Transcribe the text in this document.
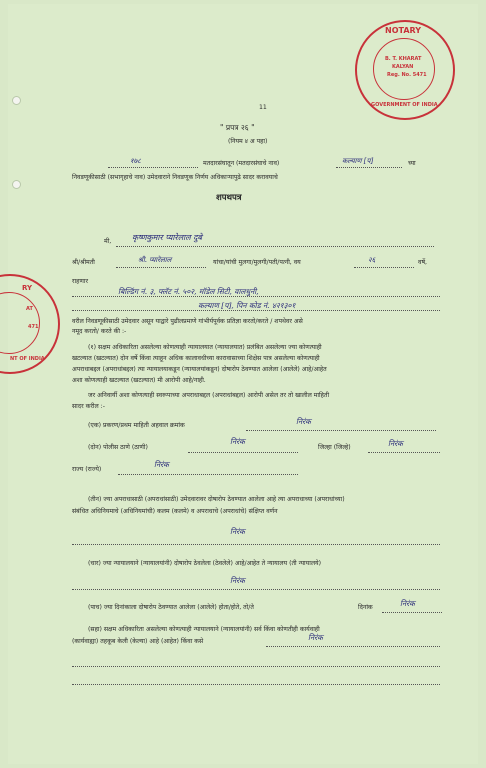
NOTARY
B. T. KHARAT
KALYAN
Reg. No. 5471
GOVERNMENT OF INDIA
RY
AT
471
NT OF INDIA
11
" प्रपत्र २६ "
(नियम ४ अ पहा)
१७८	मतदारसंघातून (मतदारसंघाचे नाव)	कल्याण [प]	च्या
निवडणूकीसाठी (सभागृहाचे नाव) उमेदवाराने निवडणूक निर्णय अधिकाऱ्यापुढे सादर करावयाचे
शपथपत्र
मी,	कृष्णकुमार प्यारेलाल दुबे
श्री/श्रीमती	श्री. प्यारेलाल	यांचा/यांची मुलगा/मुलगी/पती/पत्नी, वय	२६	वर्षे,
राहणार
बिल्डिंग नं. ३, फ्लॅट नं. ५०२, मॉडेल सिटी, वालधुनी,
कल्याण [प], पिन कोड नं. ४२१३०१
वरील निवडणूकीसाठी उमेदवार असून याद्वारे पुढीलप्रमाणे गांभीर्यपूर्वक प्रतिज्ञा करतो/करते / शपथेवर असे
नमूद करतो/ करते की :-
(१) सक्षम अधिकारिता असलेल्या कोणत्याही न्यायालयात (न्यायालयात) प्रलंबित असलेल्या ज्या कोणत्याही
खटल्यात (खटल्यात) दोन वर्षे किंवा त्याहून अधिक कालावधीच्या कारावासाच्या शिक्षेस पात्र असलेल्या कोणत्याही
अपराधाबद्दल (अपराधांबद्दल) त्या न्यायालयाकडून (न्यायालयांकडून) दोषारोप ठेवण्यात आलेला (आलेले) आहे/आहेत
अशा कोणत्याही खटल्यात (खटल्यात) मी आरोपी आहे/नाही.
जर अनिवार्यी अशा कोणत्याही स्वरूपाच्या अपराधाबद्दल (अपराधांबद्दल) आरोपी असेल तर तो खालील माहिती
सादर करील :-
(एक) प्रकरण/प्रथम माहिती अहवाल क्रमांक	निरंक
(दोन) पोलीस ठाणे (ठाणी)
निरंक
जिल्हा (जिल्हे)	निरंक
राज्य (राज्ये)
निरंक
(तीन) ज्या अपराधासाठी (अपराधांसाठी) उमेदवारावर दोषारोप ठेवण्यात आलेला आहे त्या अपराधाच्या (अपराधांच्या)
संबंधित अधिनियमाचे (अधिनियमांची) कलम (कलमे) व अपराधाचे (अपराधांचे) संक्षिप्त वर्णन
निरंक
(चार) ज्या न्यायालयाने (न्यायालयांनी) दोषारोप ठेवलेला (ठेवलेले) आहे/आहेत ते न्यायालय (ती न्यायालये)
निरंक
(पाच) ज्या दिनांकाला दोषारोप ठेवण्यात आलेला (आलेले) होता/होते, तो/ते	दिनांक	निरंक
(सहा) सक्षम अधिकारिता असलेल्या कोणत्याही न्यायालयाने (न्यायालयांनी) सर्व किंवा कोणतीही कार्यवाही
(कार्यवाह्या) तहकूब केली (केल्या) आहे (आहेत) किंवा कसे	निरंक
